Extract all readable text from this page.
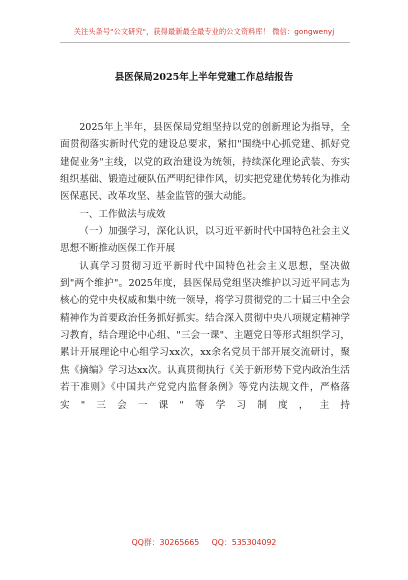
关注头条号"公文研究"，获得最新最全最专业的公文资料库！ 微信：gongwenyj
县医保局2025年上半年党建工作总结报告

2025年上半年，县医保局党组坚持以党的创新理论为指导，全面贯彻落实新时代党的建设总要求，紧扣"围绕中心抓党建、抓好党建促业务"主线，以党的政治建设为统领，持续深化理论武装、夯实组织基础、锻造过硬队伍严明纪律作风，切实把党建优势转化为推动医保惠民、改革攻坚、基金监管的强大动能。

一、工作做法与成效

（一）加强学习，深化认识，以习近平新时代中国特色社会主义思想不断推动医保工作开展

认真学习贯彻习近平新时代中国特色社会主义思想，坚决做到"两个维护"。2025年度，县医保局党组坚决维护以习近平同志为核心的党中央权威和集中统一领导，将学习贯彻党的二十届三中全会精神作为首要政治任务抓好抓实。结合深入贯彻中央八项规定精神学习教育，结合理论中心组、"三会一课"、主题党日等形式组织学习，累计开展理论中心组学习xx次，xx余名党员干部开展交流研讨，聚焦《摘编》学习达xx次。认真贯彻执行《关于新形势下党内政治生活若干准则》《中国共产党党内监督条例》等党内法规文件，严格落实"三会一课"等学习制度，主持

QQ群：30265665 QQ：535304092
